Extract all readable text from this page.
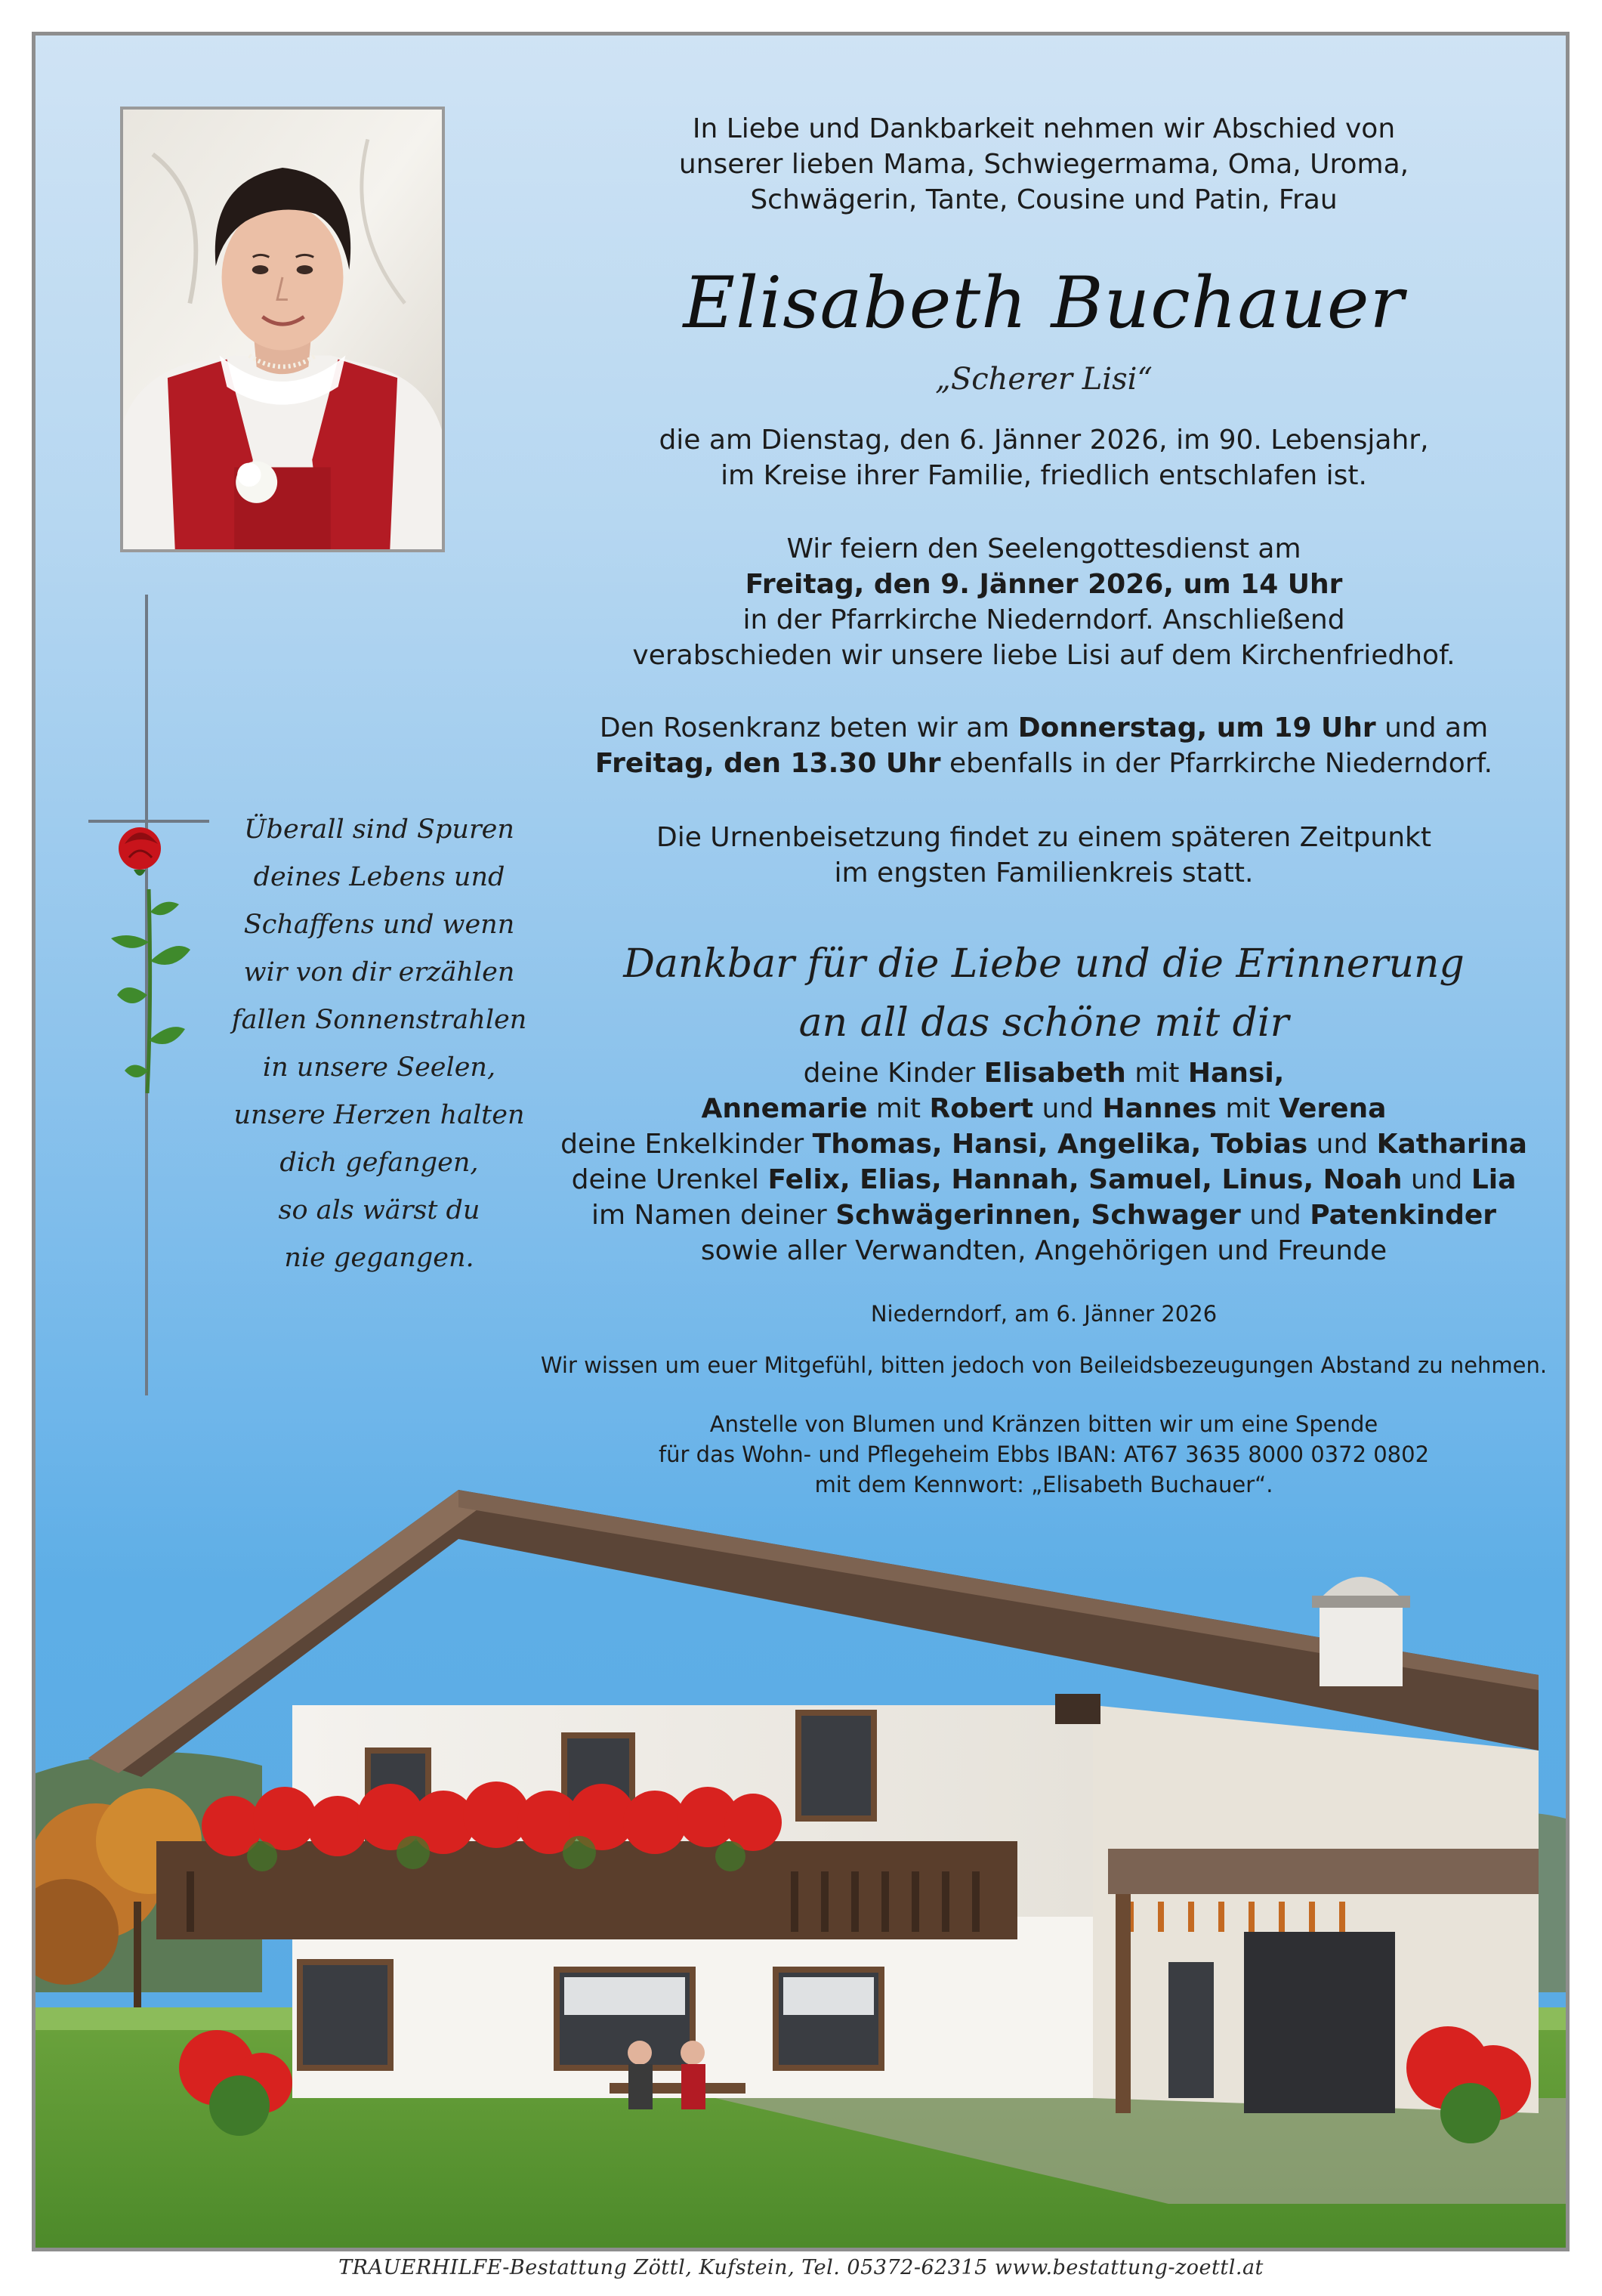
Überall sind Spuren
deines Lebens und
Schaffens und wenn
wir von dir erzählen
fallen Sonnenstrahlen
in unsere Seelen,
unsere Herzen halten
dich gefangen,
so als wärst du
nie gegangen.

In Liebe und Dankbarkeit nehmen wir Abschied von

unserer lieben Mama, Schwiegermama, Oma, Uroma,

Schwägerin, Tante, Cousine und Patin, Frau

Elisabeth Buchauer
„Scherer Lisi“

die am Dienstag, den 6. Jänner 2026, im 90. Lebensjahr,

im Kreise ihrer Familie, friedlich entschlafen ist.

Wir feiern den Seelengottesdienst am

Freitag, den 9. Jänner 2026, um 14 Uhr

in der Pfarrkirche Niederndorf. Anschließend

verabschieden wir unsere liebe Lisi auf dem Kirchenfriedhof.

Den Rosenkranz beten wir am Donnerstag, um 19 Uhr und am

Freitag, den 13.30 Uhr ebenfalls in der Pfarrkirche Niederndorf.

Die Urnenbeisetzung findet zu einem späteren Zeitpunkt

im engsten Familienkreis statt.

Dankbar für die Liebe und die Erinnerung

an all das schöne mit dir

deine Kinder Elisabeth mit Hansi,

Annemarie mit Robert und Hannes mit Verena

deine Enkelkinder Thomas, Hansi, Angelika, Tobias und Katharina

deine Urenkel Felix, Elias, Hannah, Samuel, Linus, Noah und Lia

im Namen deiner Schwägerinnen, Schwager und Patenkinder

sowie aller Verwandten, Angehörigen und Freunde

Niederndorf, am 6. Jänner 2026
Wir wissen um euer Mitgefühl, bitten jedoch von Beileidsbezeugungen Abstand zu nehmen.

Anstelle von Blumen und Kränzen bitten wir um eine Spende

für das Wohn- und Pflegeheim Ebbs IBAN: AT67 3635 8000 0372 0802

mit dem Kennwort: „Elisabeth Buchauer“.

TRAUERHILFE-Bestattung Zöttl, Kufstein, Tel. 05372-62315 www.bestattung-zoettl.at
